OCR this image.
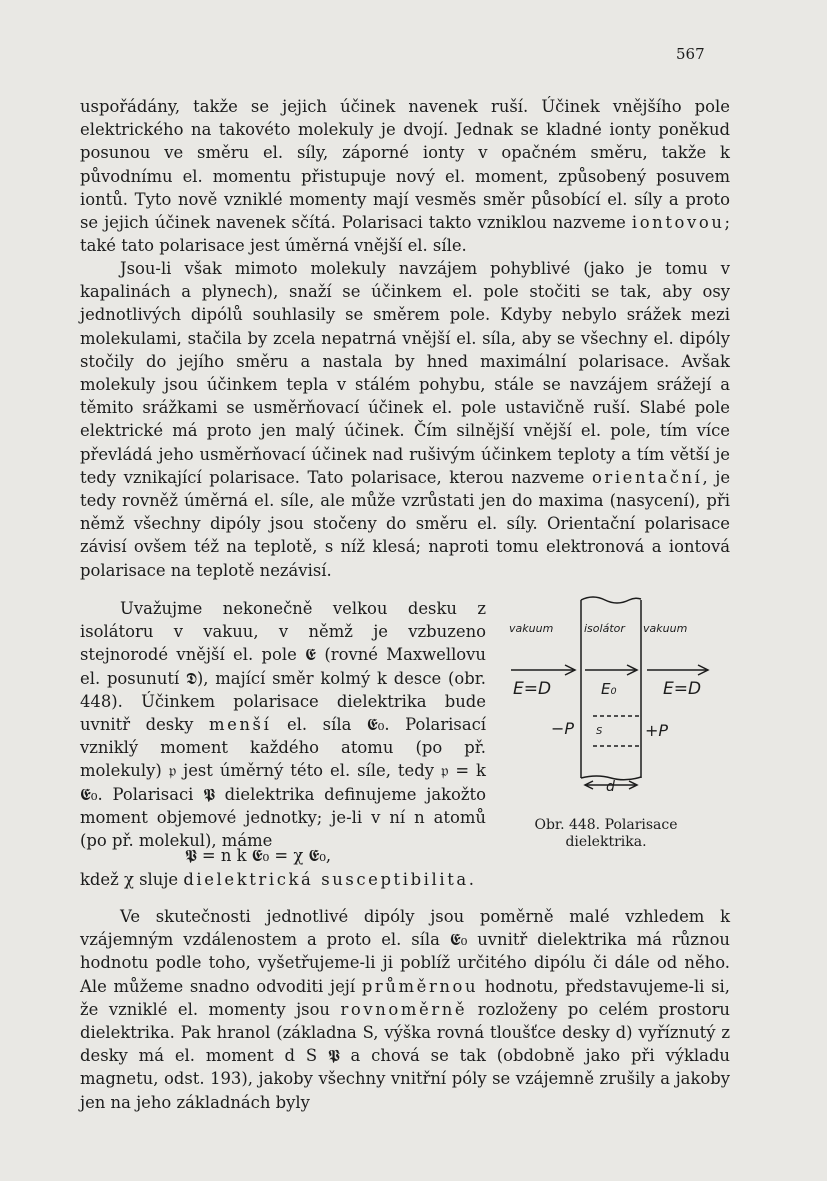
567

uspořádány, takže se jejich účinek navenek ruší. Účinek vnějšího pole elektrického na takovéto molekuly je dvojí. Jednak se kladné ionty poněkud posunou ve směru el. síly, záporné ionty v opačném směru, takže k původnímu el. momentu přistupuje nový el. moment, způsobený posuvem iontů. Tyto nově vzniklé momenty mají vesměs směr působící el. síly a proto se jejich účinek navenek sčítá. Polarisaci takto vzniklou nazveme iontovou; také tato polarisace jest úměrná vnější el. síle.

Jsou-li však mimoto molekuly navzájem pohyblivé (jako je tomu v kapalinách a plynech), snaží se účinkem el. pole stočiti se tak, aby osy jednotlivých dipólů souhlasily se směrem pole. Kdyby nebylo srážek mezi molekulami, stačila by zcela nepatrná vnější el. síla, aby se všechny el. dipóly stočily do jejího směru a nastala by hned maximální polarisace. Avšak molekuly jsou účinkem tepla v stálém pohybu, stále se navzájem srážejí a těmito srážkami se usměrňovací účinek el. pole ustavičně ruší. Slabé pole elektrické má proto jen malý účinek. Čím silnější vnější el. pole, tím více převládá jeho usměrňovací účinek nad rušivým účinkem teploty a tím větší je tedy vznikající polarisace. Tato polarisace, kterou nazveme orientační, je tedy rovněž úměrná el. síle, ale může vzrůstati jen do maxima (nasycení), při němž všechny dipóly jsou stočeny do směru el. síly. Orientační polarisace závisí ovšem též na teplotě, s níž klesá; naproti tomu elektronová a iontová polarisace na teplotě nezávisí.

Uvažujme nekonečně velkou desku z isolátoru v vakuu, v němž je vzbuzeno stejnorodé vnější el. pole 𝕰 (rovné Maxwellovu el. posunutí 𝕯), mající směr kolmý k desce (obr. 448). Účinkem polarisace dielektrika bude uvnitř desky menší el. síla 𝕰₀. Polarisací vzniklý moment každého atomu (po př. molekuly) 𝔭 jest úměrný této el. síle, tedy 𝔭 = k 𝕰₀. Polarisaci 𝕻 dielektrika definujeme jakožto moment objemové jednotky; je-li v ní n atomů (po př. molekul), máme

𝕻 = n k 𝕰₀ = χ 𝕰₀,
kdež χ sluje dielektrická susceptibilita.

Ve skutečnosti jednotlivé dipóly jsou poměrně malé vzhledem k vzájemným vzdálenostem a proto el. síla 𝕰₀ uvnitř dielektrika má různou hodnotu podle toho, vyšetřujeme-li ji poblíž určitého dipólu či dále od něho. Ale můžeme snadno odvoditi její průměrnou hodnotu, představujeme-li si, že vzniklé el. momenty jsou rovnoměrně rozloženy po celém prostoru dielektrika. Pak hranol (základna S, výška rovná tloušťce desky d) vyříznutý z desky má el. moment d S 𝕻 a chová se tak (obdobně jako při výkladu magnetu, odst. 193), jakoby všechny vnitřní póly se vzájemně zrušily a jakoby jen na jeho základnách byly

vakuum	isolátor vakuum
E=D	E₀	E=D
−P	+P
S
d
Obr. 448. Polarisace dielektrika.
